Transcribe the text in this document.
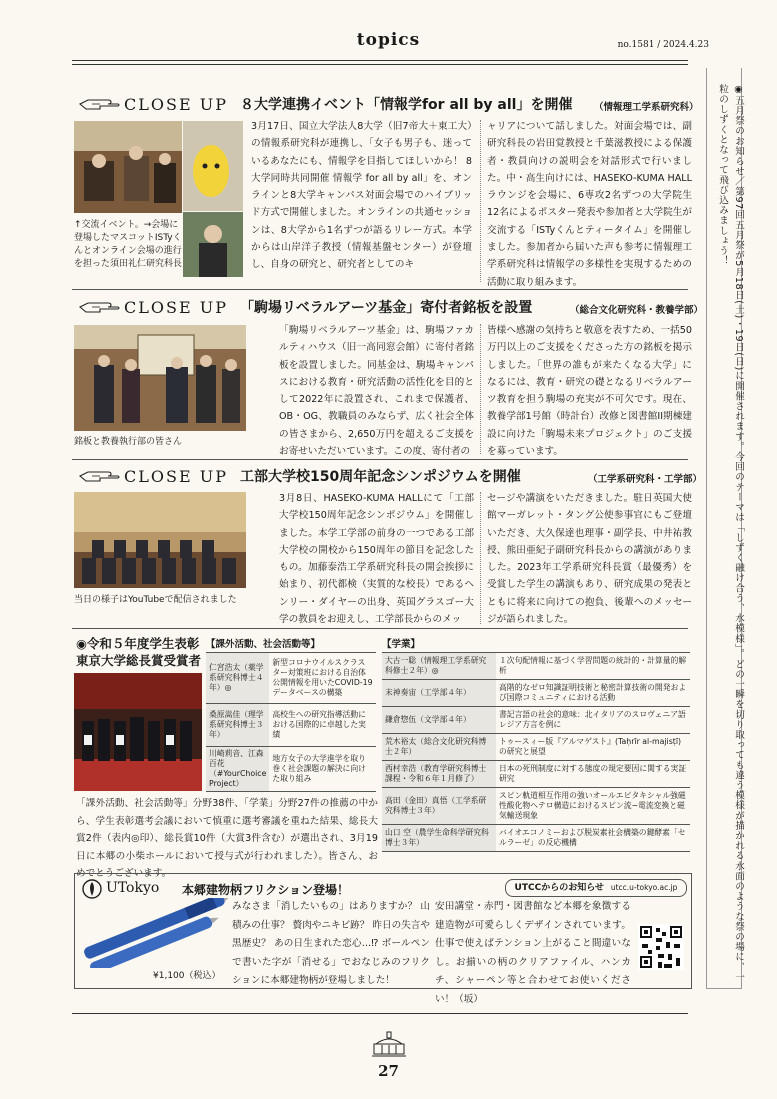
topics	no.1581 / 2024.4.23
◉五月祭のお知らせ／第97回五月祭が5月18日(土)・19日(日)に開催されます。今回のテーマは「しずく融け合う、水模様」。どの一瞬を切り取っても違う模様が描かれる水面のような祭の場に、一粒のしずくとなって飛び込みましょう！
CLOSE UP ８大学連携イベント「情報学for all by all」を開催 （情報理工学系研究科）
↑交流イベント。→会場に登場したマスコットISTyくんとオンライン会場の進行を担った須田礼仁研究科長
3月17日、国立大学法人8大学（旧7帝大＋東工大）の情報系研究科が連携し、「女子も男子も、迷っているあなたにも、情報学を目指してほしいから！ 8大学同時共同開催 情報学 for all by all」を、オンラインと8大学キャンパス対面会場でのハイブリッド方式で開催しました。オンラインの共通セッションは、8大学から1名ずつが語るリレー方式。本学からは山岸洋子教授（情報基盤センター）が登壇し、自身の研究と、研究者としてのキ
ャリアについて話しました。対面会場では、副研究科長の岩田覚教授と千葉滋教授による保護者・教員向けの説明会を対話形式で行いました。中・高生向けには、HASEKO-KUMA HALLラウンジを会場に、6専攻2名ずつの大学院生12名によるポスター発表や参加者と大学院生が交流する「ISTyくんとティータイム」を開催しました。参加者から届いた声も参考に情報理工学系研究科は情報学の多様性を実現するための活動に取り組みます。
CLOSE UP 「駒場リベラルアーツ基金」寄付者銘板を設置	（総合文化研究科・教養学部）
銘板と教養執行部の皆さん
「駒場リベラルアーツ基金」は、駒場ファカルティハウス（旧一高同窓会館）に寄付者銘板を設置しました。同基金は、駒場キャンパスにおける教育・研究活動の活性化を目的として2022年に設置され、これまで保護者、OB・OG、教職員のみならず、広く社会全体の皆さまから、2,650万円を超えるご支援をお寄せいただいています。この度、寄付者の
皆様へ感謝の気持ちと敬意を表すため、一括50万円以上のご支援をくださった方の銘板を掲示しました。「世界の誰もが来たくなる大学」になるには、教育・研究の礎となるリベラルアーツ教育を担う駒場の充実が不可欠です。現在、教養学部1号館（時計台）改修と図書館II期棟建設に向けた「駒場未来プロジェクト」のご支援を募っています。
CLOSE UP 工部大学校150周年記念シンポジウムを開催	（工学系研究科・工学部）
当日の様子はYouTubeで配信されました
3月8日、HASEKO-KUMA HALLにて「工部大学校150周年記念シンポジウム」を開催しました。本学工学部の前身の一つである工部大学校の開校から150周年の節目を記念したもの。加藤泰浩工学系研究科長の開会挨拶に始まり、初代都検（実質的な校長）であるヘンリー・ダイヤーの出身、英国グラスゴー大学の教員をお迎えし、工学部長からのメッ
セージや講演をいただきました。駐日英国大使館マーガレット・タング公使参事官にもご登壇いただき、大久保達也理事・副学長、中井祐教授、熊田亜紀子副研究科長からの講演がありました。2023年工学系研究科長賞（最優秀）を受賞した学生の講演もあり、研究成果の発表とともに将来に向けての抱負、後輩へのメッセージが語られました。
◉令和５年度学生表彰
東京大学総長賞受賞者
【課外活動、社会活動等】
仁宮浩太（薬学系研究科博士４年）◎	新型コロナウイルスクラスター対策班における自治体公開情報を用いたCOVID-19データベースの構築
桑原嵩佳（理学系研究科博士３年）	高校生への研究指導活動における国際的に卓越した実績
川崎莉音、江森百花（#YourChoice Project）	地方女子の大学進学を取り巻く社会課題の解決に向けた取り組み
【学業】
大古一聡（情報理工学系研究科修士２年）◎	１次句配情報に基づく学習問題の統計的・計算量的解析
末神奏宙（工学部４年）	高階的なゼロ知識証明技術と秘密計算技術の開発および国際コミュニティにおける活動
鎌倉惣伍（文学部４年）	書記言語の社会的意味：北イタリアのスロヴェニア語レジア方言を例に
荒木裕太（総合文化研究科博士２年）	トゥースィー版『アルマゲスト』(Taḥrīr al-majisṭī) の研究と展望
西村幸浩（教育学研究科博士課程・令和６年１月修了）	日本の死刑制度に対する態度の規定要因に関する実証研究
高田（金田）真悟（工学系研究科博士３年）	スピン軌道相互作用の強いオールエピタキシャル強磁性酸化物ヘテロ構造におけるスピン流−電流変換と磁気輸送現象
山口 空（農学生命科学研究科博士３年）	バイオエコノミーおよび脱炭素社会構築の鍵酵素「セルラーゼ」の反応機構
「課外活動、社会活動等」分野38件、「学業」分野27件の推薦の中から、学生表彰選考会議において慎重に選考審議を重ねた結果、総長大賞2件（表内◎印）、総長賞10件（大賞3件含む）が選出され、3月19日に本郷の小柴ホールにおいて授与式が行われました）。皆さん、おめでとうございます。
UTokyo 本郷建物柄フリクション登場！	UTCCからのお知らせ utcc.u-tokyo.ac.jp
¥1,100（税込）
みなさま「消したいもの」はありますか？ 山積みの仕事？ 贅肉やニキビ跡？ 昨日の失言や黒歴史？ あの日生まれた恋心…⁉ ボールペンで書いた字が「消せる」でおなじみのフリクションに本郷建物柄が登場しました！
安田講堂・赤門・図書館など本郷を象徴する建造物が可愛らしくデザインされています。仕事で使えばテンション上がること間違いなし。お揃いの柄のクリアファイル、ハンカチ、シャーペン等と合わせてお使いください！（坂）
27
